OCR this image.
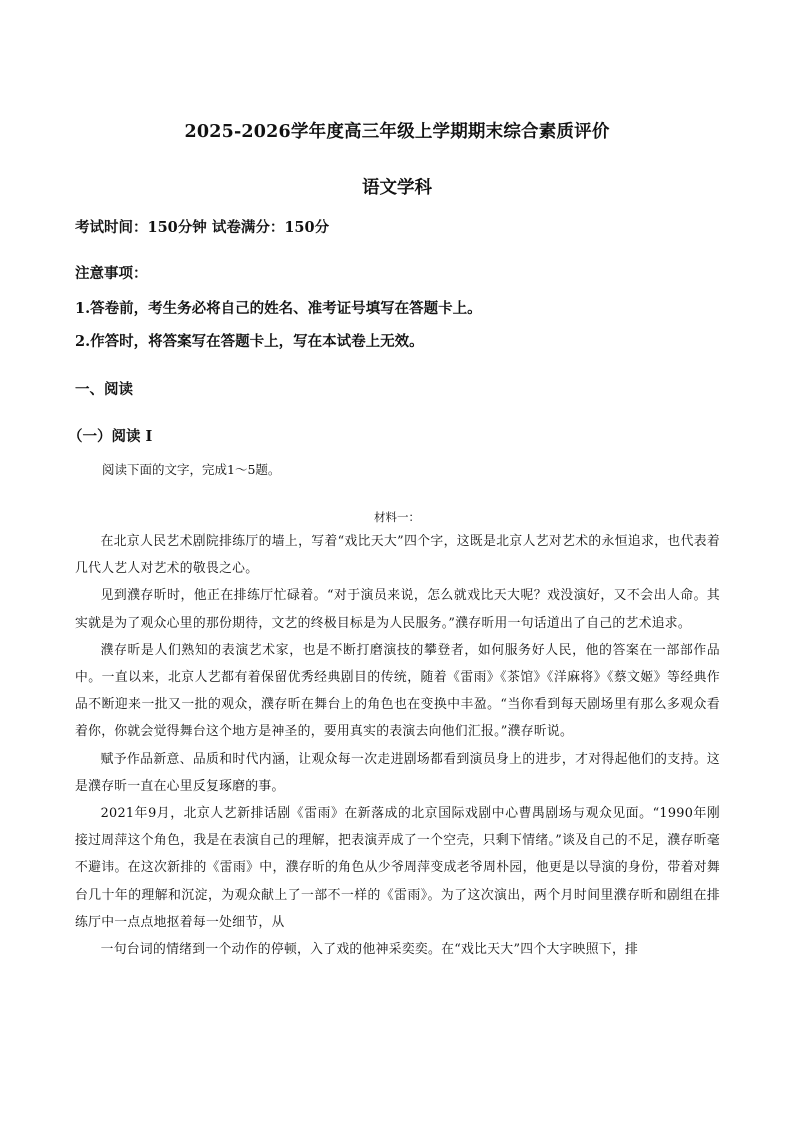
2025-2026学年度高三年级上学期期末综合素质评价
语文学科
考试时间：150分钟 试卷满分：150分
注意事项：
1.答卷前，考生务必将自己的姓名、准考证号填写在答题卡上。
2.作答时，将答案写在答题卡上，写在本试卷上无效。
一、阅读
（一）阅读 I
阅读下面的文字，完成1～5题。
材料一：

在北京人民艺术剧院排练厅的墙上，写着“戏比天大”四个字，这既是北京人艺对艺术的永恒追求，也代表着几代人艺人对艺术的敬畏之心。

见到濮存昕时，他正在排练厅忙碌着。“对于演员来说，怎么就戏比天大呢？戏没演好，又不会出人命。其实就是为了观众心里的那份期待，文艺的终极目标是为人民服务。”濮存昕用一句话道出了自己的艺术追求。

濮存昕是人们熟知的表演艺术家，也是不断打磨演技的攀登者，如何服务好人民，他的答案在一部部作品中。一直以来，北京人艺都有着保留优秀经典剧目的传统，随着《雷雨》《茶馆》《洋麻将》《蔡文姬》等经典作品不断迎来一批又一批的观众，濮存昕在舞台上的角色也在变换中丰盈。“当你看到每天剧场里有那么多观众看着你，你就会觉得舞台这个地方是神圣的，要用真实的表演去向他们汇报。”濮存昕说。

赋予作品新意、品质和时代内涵，让观众每一次走进剧场都看到演员身上的进步，才对得起他们的支持。这是濮存昕一直在心里反复琢磨的事。

2021年9月，北京人艺新排话剧《雷雨》在新落成的北京国际戏剧中心曹禺剧场与观众见面。“1990年刚接过周萍这个角色，我是在表演自己的理解，把表演弄成了一个空壳，只剩下情绪。”谈及自己的不足，濮存昕毫不避讳。在这次新排的《雷雨》中，濮存昕的角色从少爷周萍变成老爷周朴园，他更是以导演的身份，带着对舞台几十年的理解和沉淀，为观众献上了一部不一样的《雷雨》。为了这次演出，两个月时间里濮存昕和剧组在排练厅中一点点地抠着每一处细节，从

一句台词的情绪到一个动作的停顿，入了戏的他神采奕奕。在“戏比天大”四个大字映照下，排
